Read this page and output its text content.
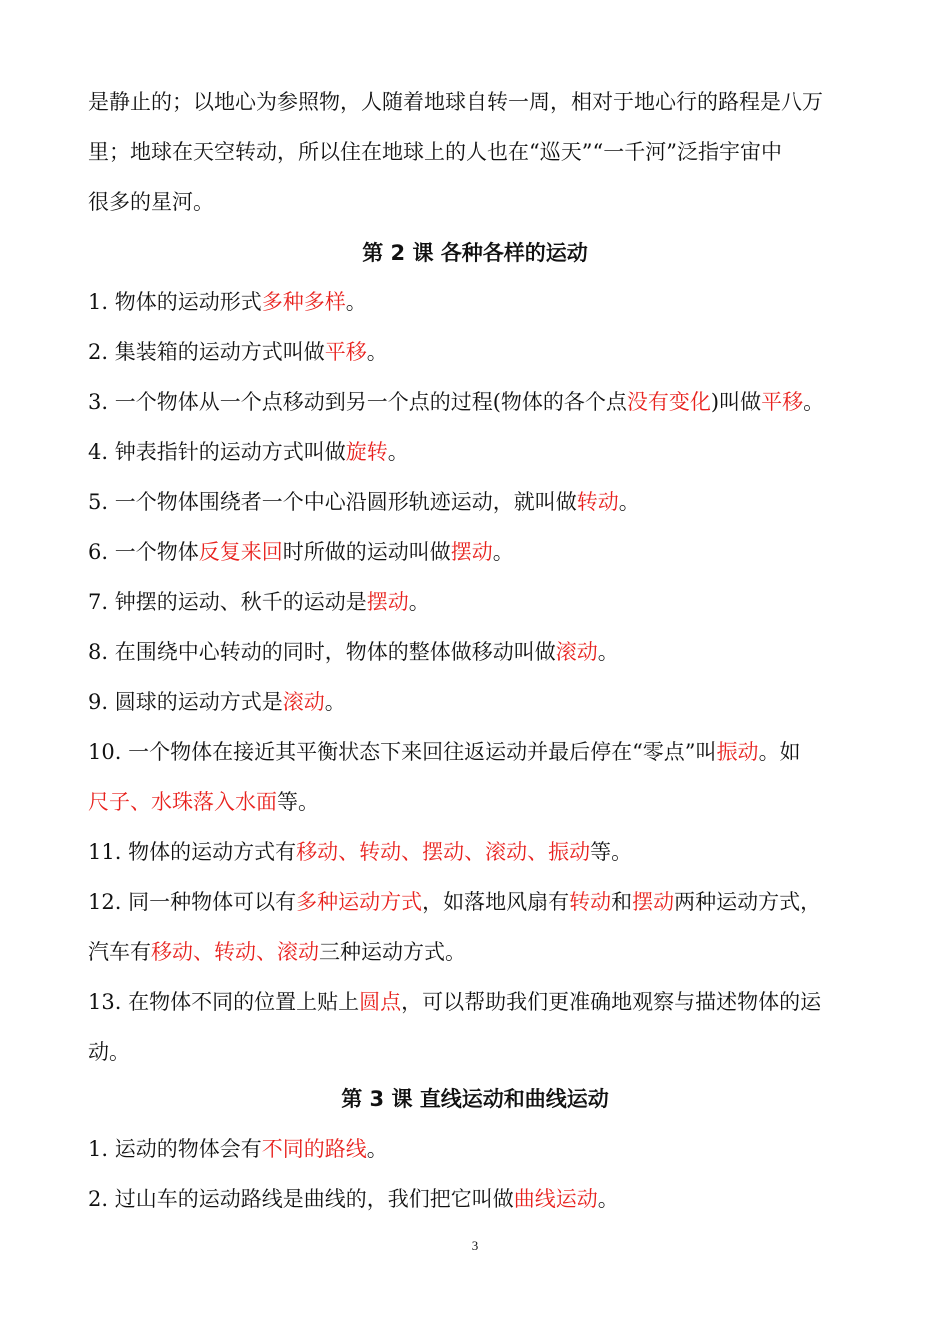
是静止的；以地心为参照物，人随着地球自转一周，相对于地心行的路程是八万
里；地球在天空转动，所以住在地球上的人也在“巡天”“一千河”泛指宇宙中
很多的星河。
第 2 课 各种各样的运动
1. 物体的运动形式多种多样。
2. 集装箱的运动方式叫做平移。
3. 一个物体从一个点移动到另一个点的过程(物体的各个点没有变化)叫做平移。
4. 钟表指针的运动方式叫做旋转。
5. 一个物体围绕者一个中心沿圆形轨迹运动，就叫做转动。
6. 一个物体反复来回时所做的运动叫做摆动。
7. 钟摆的运动、秋千的运动是摆动。
8. 在围绕中心转动的同时，物体的整体做移动叫做滚动。
9. 圆球的运动方式是滚动。
10. 一个物体在接近其平衡状态下来回往返运动并最后停在“零点”叫振动。如
尺子、水珠落入水面等。
11. 物体的运动方式有移动、转动、摆动、滚动、振动等。
12. 同一种物体可以有多种运动方式，如落地风扇有转动和摆动两种运动方式，
汽车有移动、转动、滚动三种运动方式。
13. 在物体不同的位置上贴上圆点，可以帮助我们更准确地观察与描述物体的运
动。
第 3 课 直线运动和曲线运动
1. 运动的物体会有不同的路线。
2. 过山车的运动路线是曲线的，我们把它叫做曲线运动。
3
